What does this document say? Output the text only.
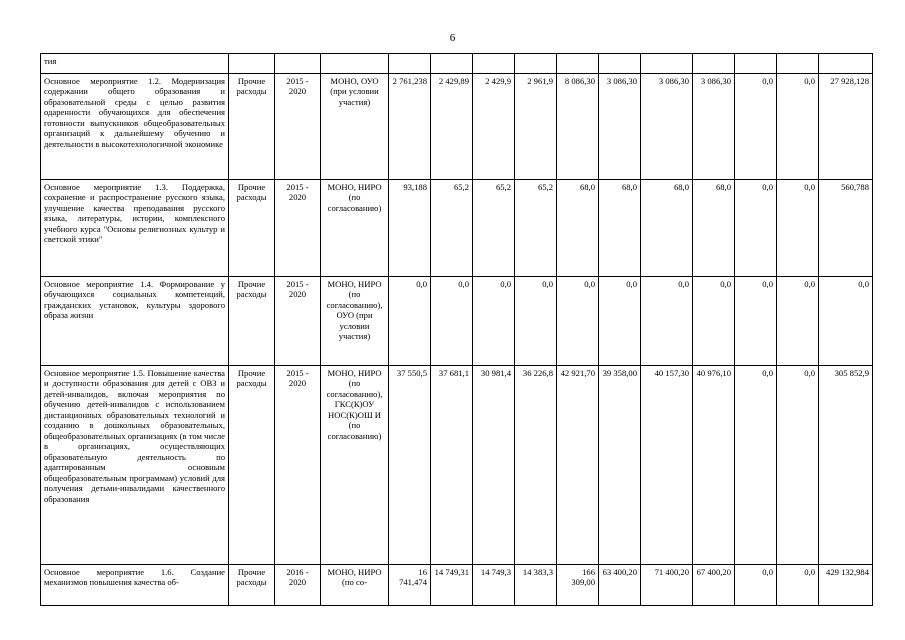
6
тия														
Основное мероприятие 1.2. Модернизация содержании общего образования и образовательной среды с целью развития одаренности обучающихся для обеспечения готовности выпускников общеобразовательных организаций к дальнейшему обучению и деятельности в высокотехнологичной экономике	Прочие расходы	2015 - 2020	МОНО, ОУО (при условии участия)	2 761,238	2 429,89	2 429,9	2 961,9	8 086,30	3 086,30	3 086,30	3 086,30	0,0	0,0	27 928,128
Основное мероприятие 1.3. Поддержка, сохранение и распространение русского языка, улучшение качества преподавания русского языка, литературы, истории, комплексного учебного курса "Основы религиозных культур и светской этики"	Прочие расходы	2015 - 2020	МОНО, НИРО (по согласованию)	93,188	65,2	65,2	65,2	68,0	68,0	68,0	68,0	0,0	0,0	560,788
Основное мероприятие 1.4. Формирование у обучающихся социальных компетенций, гражданских установок, культуры здорового образа жизни	Прочие расходы	2015 - 2020	МОНО, НИРО (по согласованию), ОУО (при условии участия)	0,0	0,0	0,0	0,0	0,0	0,0	0,0	0,0	0,0	0,0	0,0
Основное мероприятие 1.5. Повышение качества и доступности образования для детей с ОВЗ и детей-инвалидов, включая мероприятия по обучению детей-инвалидов с использованием дистанционных образовательных технологий и созданию в дошкольных образовательных, общеобразовательных организациях (в том числе в организациях, осуществляющих образовательную деятельность по адаптированным основным общеобразовательным программам) условий для получения детьми-инвалидами качественного образования	Прочие расходы	2015 - 2020	МОНО, НИРО (по согласованию), ГКС(К)ОУ НОС(К)ОШ И (по согласованию)	37 550,5	37 681,1	30 981,4	36 226,8	42 921,70	39 358,00	40 157,30	40 976,10	0,0	0,0	305 852,9
Основное мероприятие 1.6. Создание механизмов повышения качества об-	Прочие расходы	2016 - 2020	МОНО, НИРО (по со-	16 741,474	14 749,31	14 749,3	14 383,3	166 309,00	63 400,20	71 400,20	67 400,20	0,0	0,0	429 132,984
